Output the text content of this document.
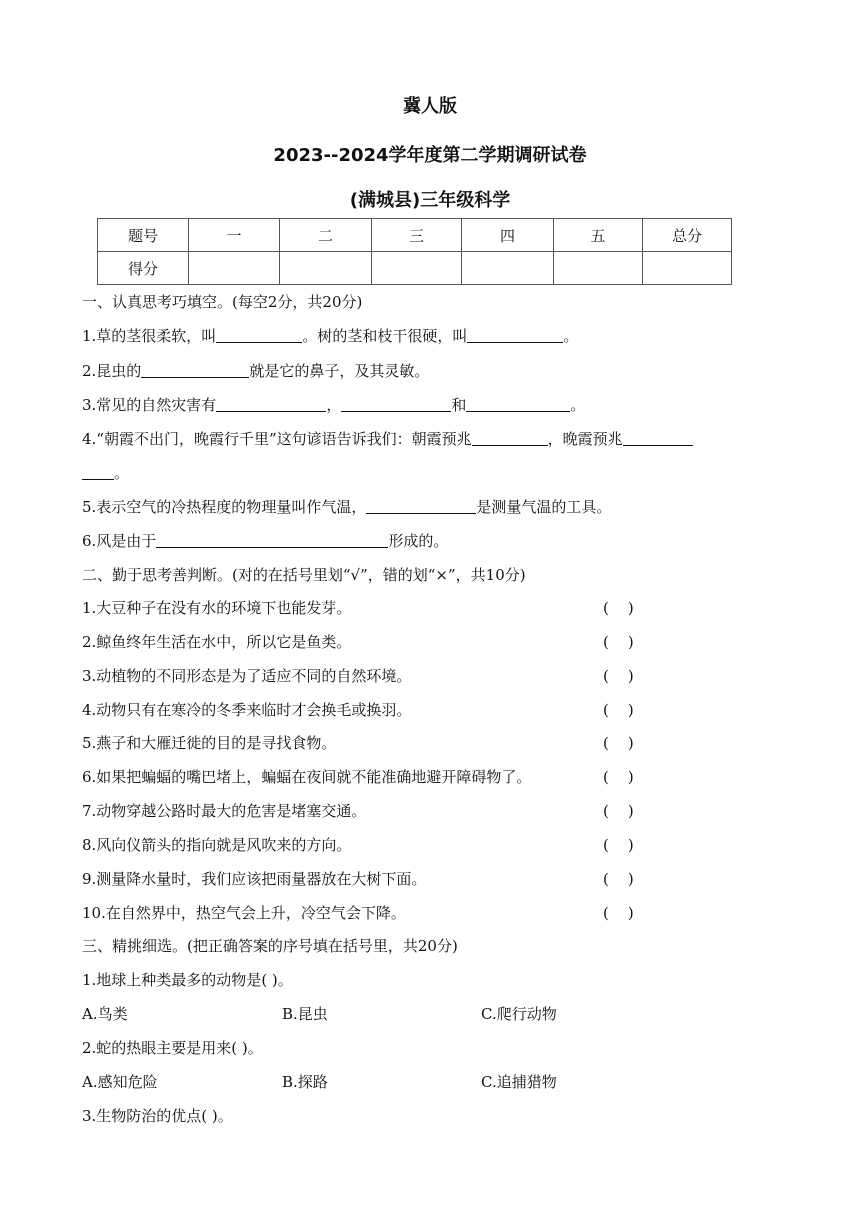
冀人版
2023--2024学年度第二学期调研试卷
(满城县)三年级科学
题号	一	二	三	四	五	总分
得分						
一、认真思考巧填空。(每空2分，共20分)
1.草的茎很柔软，叫	。树的茎和枝干很硬，叫	。
2.昆虫的	就是它的鼻子，及其灵敏。
3.常见的自然灾害有	，	和	。
4.“朝霞不出门，晚霞行千里”这句谚语告诉我们：朝霞预兆	，晚霞预兆
。
5.表示空气的冷热程度的物理量叫作气温，	是测量气温的工具。
6.风是由于	形成的。
二、勤于思考善判断。(对的在括号里划“√”，错的划“×”，共10分)
1.大豆种子在没有水的环境下也能发芽。	(    )
2.鲸鱼终年生活在水中，所以它是鱼类。	(    )
3.动植物的不同形态是为了适应不同的自然环境。	(    )
4.动物只有在寒冷的冬季来临时才会换毛或换羽。	(    )
5.燕子和大雁迁徙的目的是寻找食物。	(    )
6.如果把蝙蝠的嘴巴堵上，蝙蝠在夜间就不能准确地避开障碍物了。	(    )
7.动物穿越公路时最大的危害是堵塞交通。	(    )
8.风向仪箭头的指向就是风吹来的方向。	(    )
9.测量降水量时，我们应该把雨量器放在大树下面。	(    )
10.在自然界中，热空气会上升，冷空气会下降。	(    )
三、精挑细选。(把正确答案的序号填在括号里，共20分)
1.地球上种类最多的动物是( )。
A.鸟类	B.昆虫	C.爬行动物
2.蛇的热眼主要是用来( )。
A.感知危险	B.探路	C.追捕猎物
3.生物防治的优点( )。
